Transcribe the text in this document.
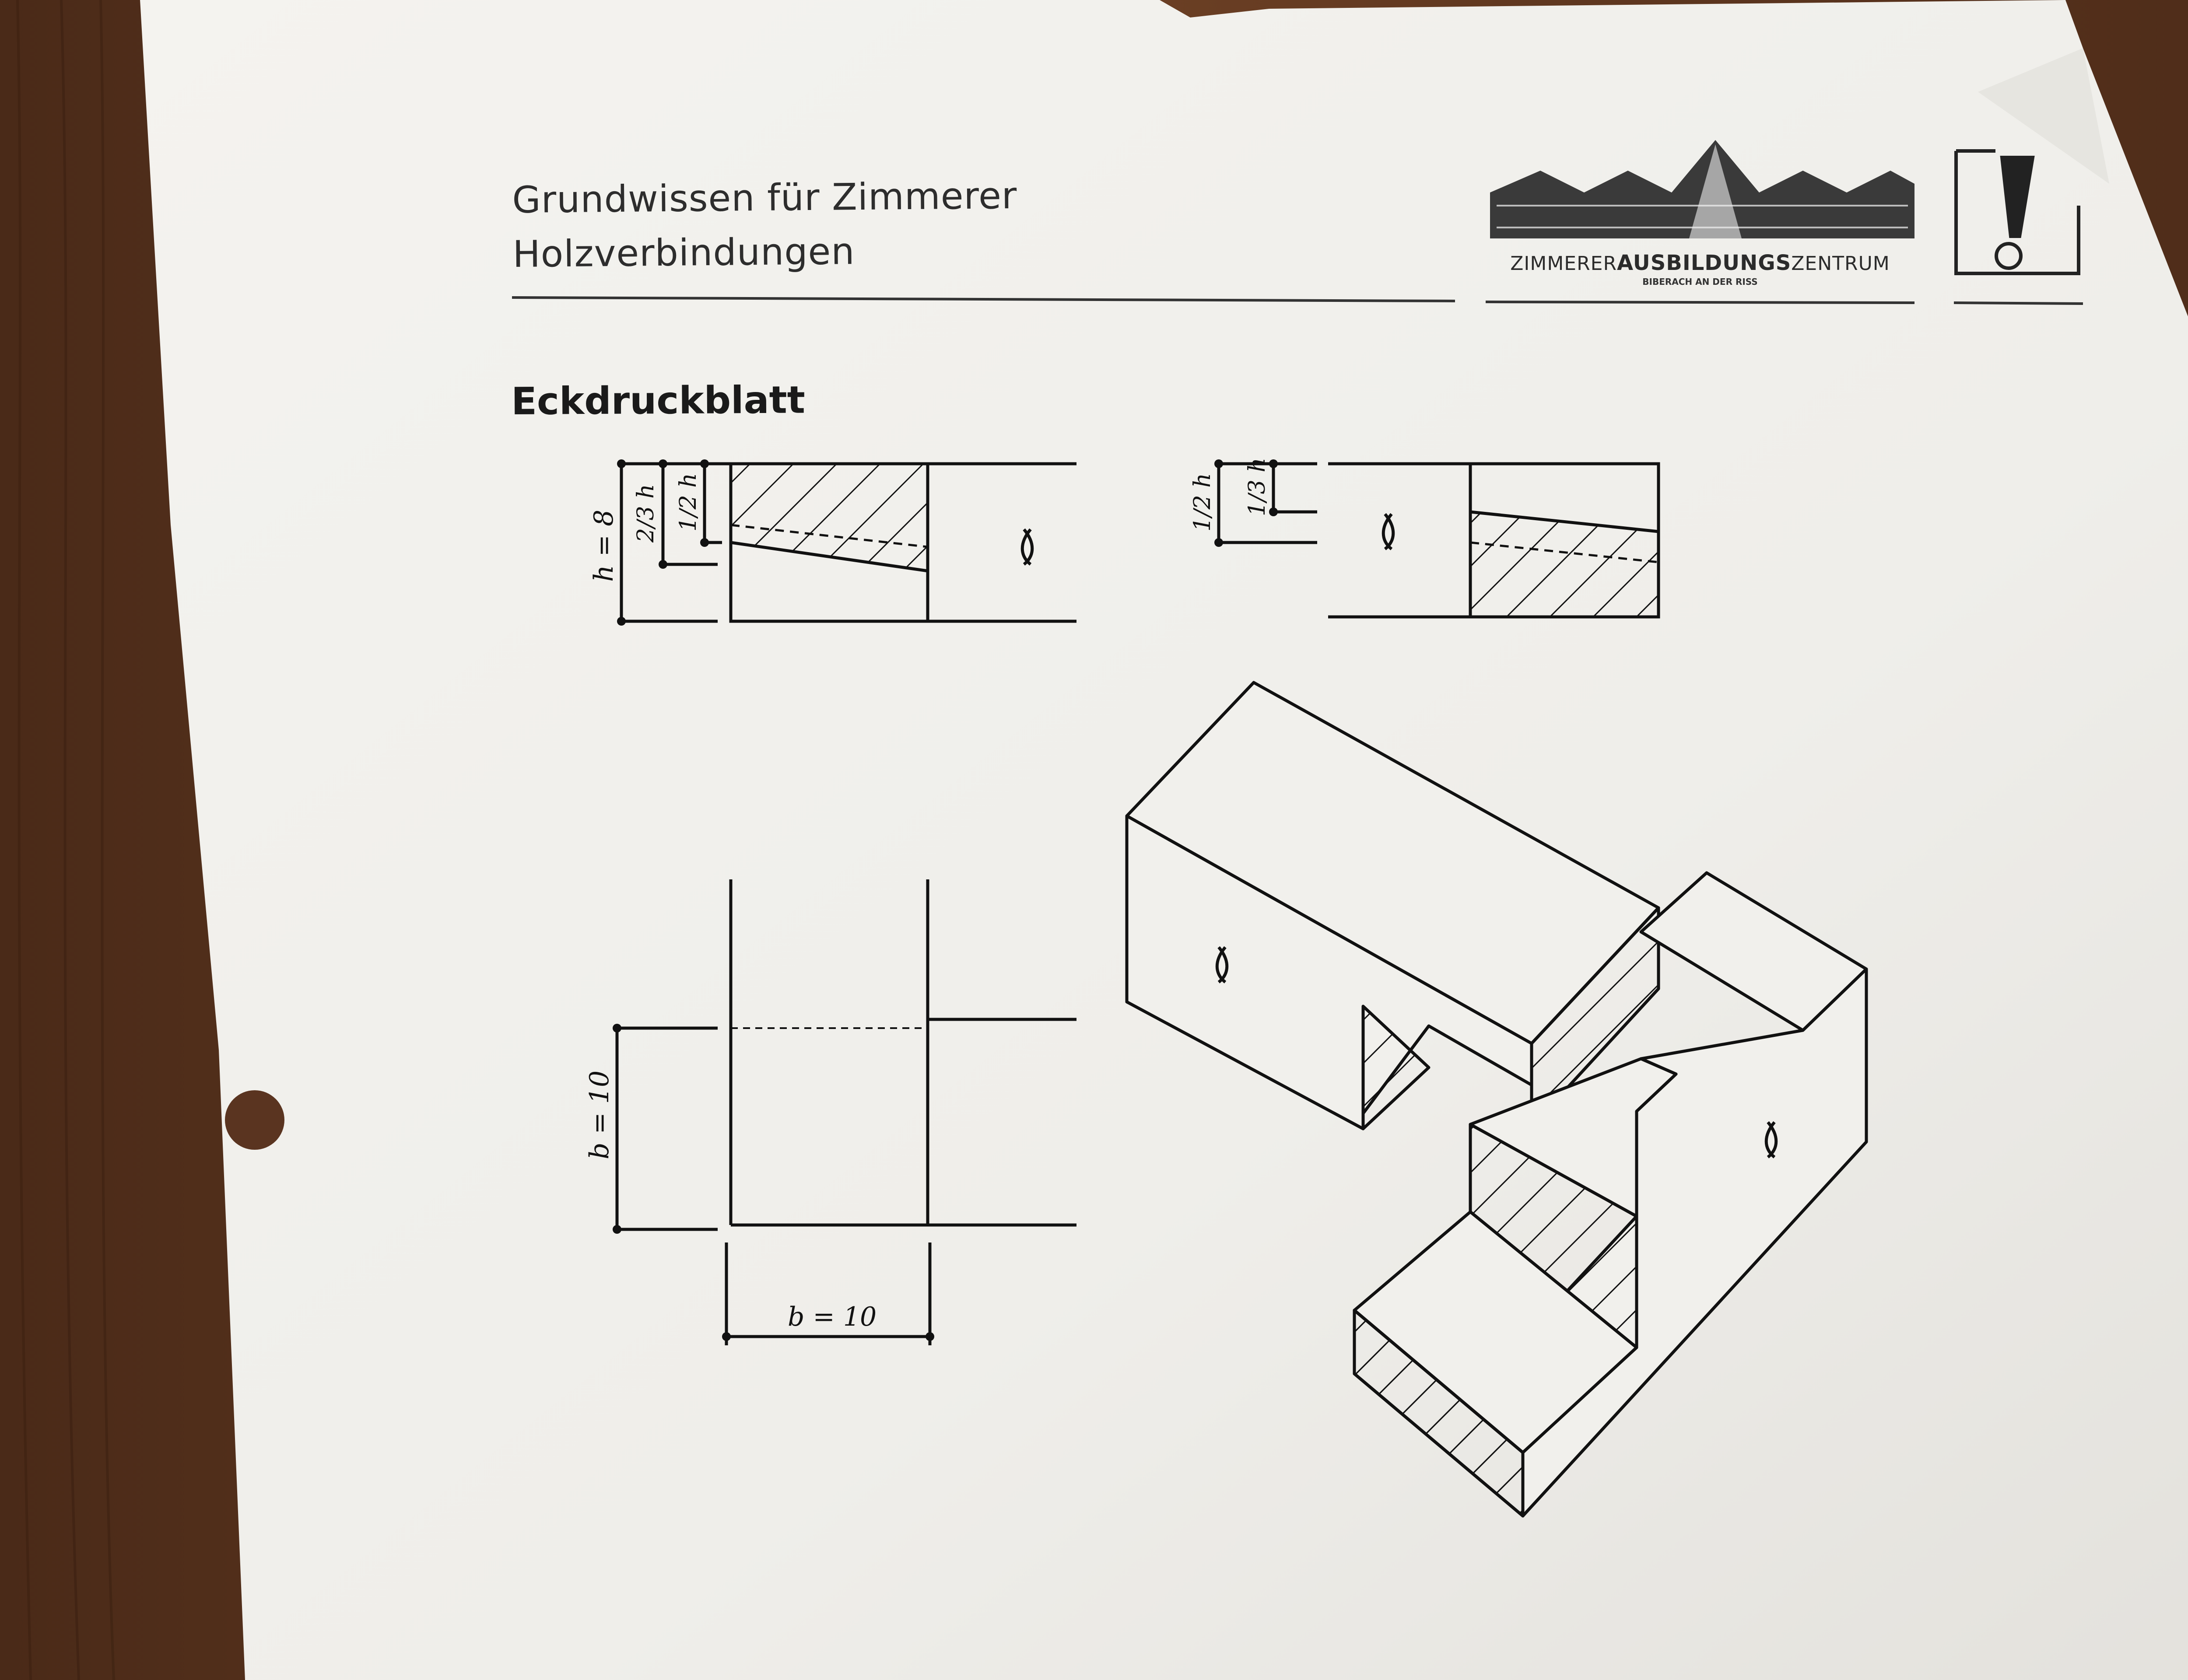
Grundwissen für Zimmerer
Holzverbindungen	ZIMMERERAUSBILDUNGSZENTRUM
BIBERACH AN DER RISS
Eckdruckblatt
h = 8 2/3 h 1/2 h	1/2 h 1/3 h
b = 10
b = 10
